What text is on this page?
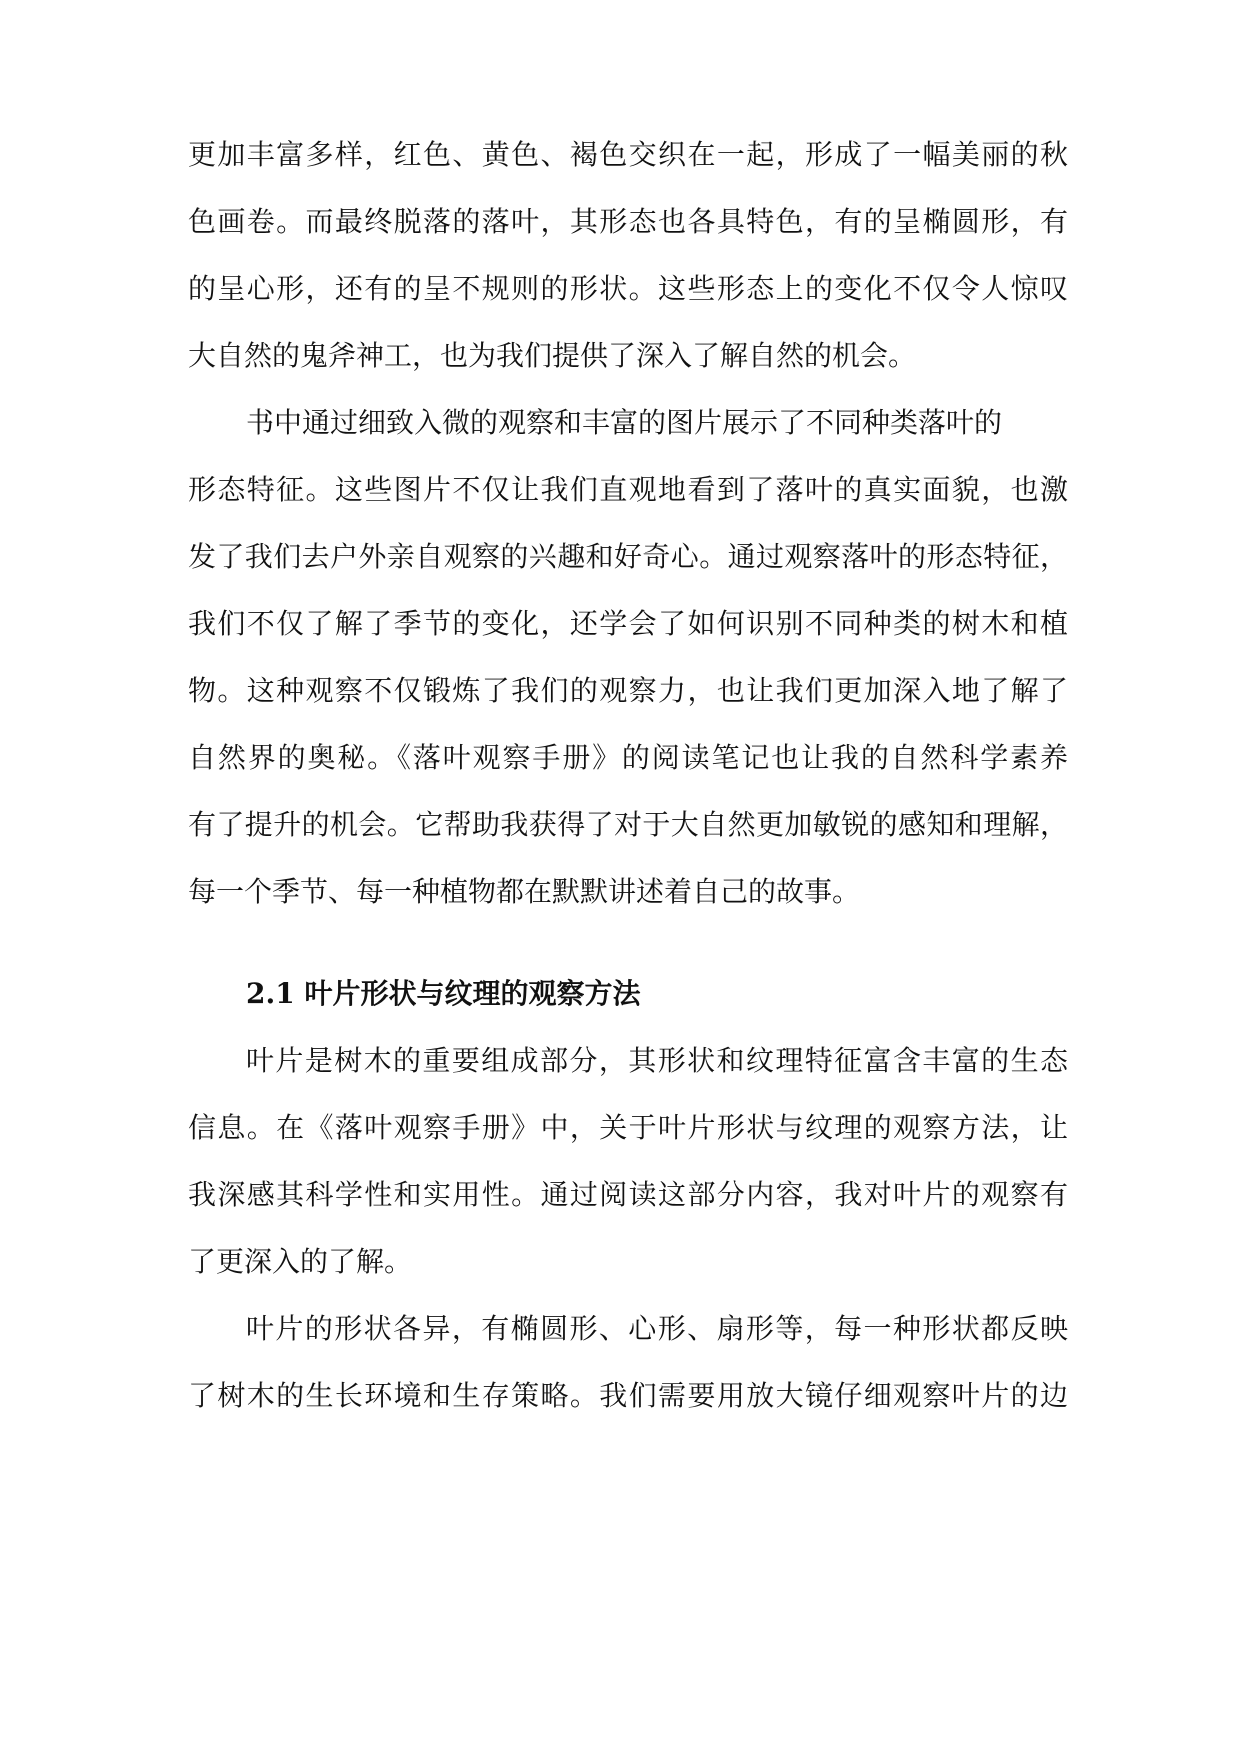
更加丰富多样，红色、黄色、褐色交织在一起，形成了一幅美丽的秋

色画卷。而最终脱落的落叶，其形态也各具特色，有的呈椭圆形，有

的呈心形，还有的呈不规则的形状。这些形态上的变化不仅令人惊叹

大自然的鬼斧神工，也为我们提供了深入了解自然的机会。

书中通过细致入微的观察和丰富的图片展示了不同种类落叶的

形态特征。这些图片不仅让我们直观地看到了落叶的真实面貌，也激

发了我们去户外亲自观察的兴趣和好奇心。通过观察落叶的形态特征，

我们不仅了解了季节的变化，还学会了如何识别不同种类的树木和植

物。这种观察不仅锻炼了我们的观察力，也让我们更加深入地了解了

自然界的奥秘。《落叶观察手册》的阅读笔记也让我的自然科学素养

有了提升的机会。它帮助我获得了对于大自然更加敏锐的感知和理解，

每一个季节、每一种植物都在默默讲述着自己的故事。

2.1 叶片形状与纹理的观察方法

叶片是树木的重要组成部分，其形状和纹理特征富含丰富的生态

信息。在《落叶观察手册》中，关于叶片形状与纹理的观察方法，让

我深感其科学性和实用性。通过阅读这部分内容，我对叶片的观察有

了更深入的了解。

叶片的形状各异，有椭圆形、心形、扇形等，每一种形状都反映

了树木的生长环境和生存策略。我们需要用放大镜仔细观察叶片的边
